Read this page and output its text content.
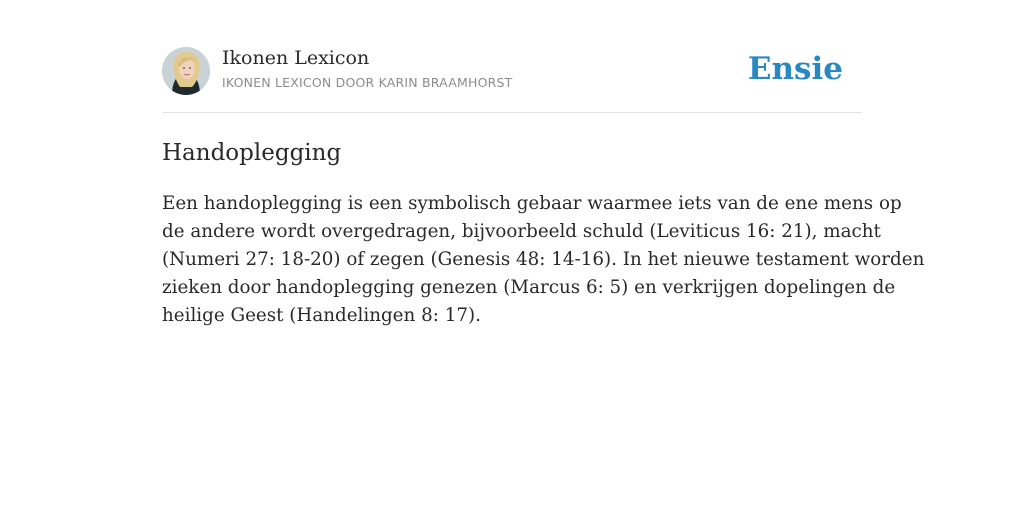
Ikonen Lexicon
IKONEN LEXICON DOOR KARIN BRAAMHORST	Ensie
Handoplegging

Een handoplegging is een symbolisch gebaar waarmee iets van de ene mens op
de andere wordt overgedragen, bijvoorbeeld schuld (Leviticus 16: 21), macht
(Numeri 27: 18-20) of zegen (Genesis 48: 14-16). In het nieuwe testament worden
zieken door handoplegging genezen (Marcus 6: 5) en verkrijgen dopelingen de
heilige Geest (Handelingen 8: 17).
